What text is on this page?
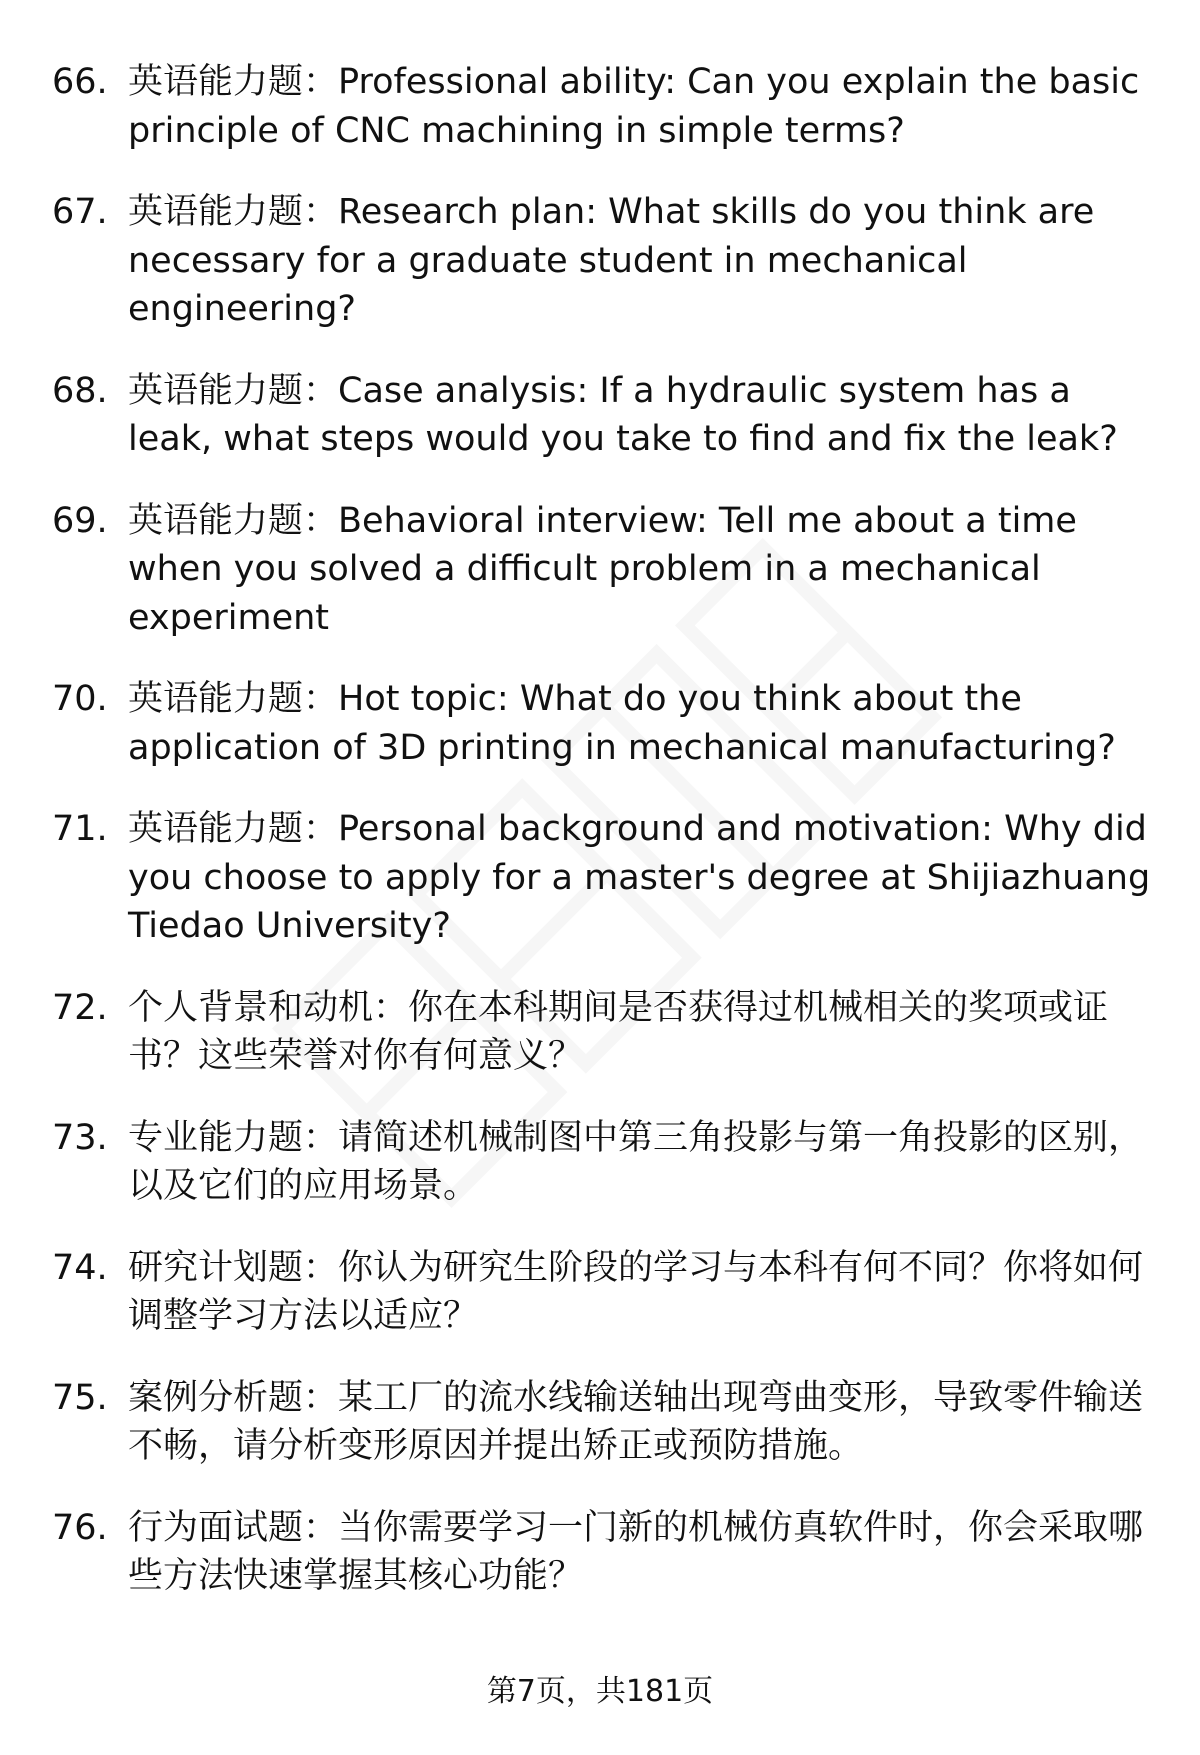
66. 英语能力题：Professional ability: Can you explain the basic principle of CNC machining in simple terms?
67. 英语能力题：Research plan: What skills do you think are necessary for a graduate student in mechanical engineering?
68. 英语能力题：Case analysis: If a hydraulic system has a leak, what steps would you take to find and fix the leak?
69. 英语能力题：Behavioral interview: Tell me about a time when you solved a difficult problem in a mechanical experiment
70. 英语能力题：Hot topic: What do you think about the application of 3D printing in mechanical manufacturing?
71. 英语能力题：Personal background and motivation: Why did you choose to apply for a master's degree at Shijiazhuang Tiedao University?
72. 个人背景和动机：你在本科期间是否获得过机械相关的奖项或证书？这些荣誉对你有何意义？
73. 专业能力题：请简述机械制图中第三角投影与第一角投影的区别，以及它们的应用场景。
74. 研究计划题：你认为研究生阶段的学习与本科有何不同？你将如何调整学习方法以适应？
75. 案例分析题：某工厂的流水线输送轴出现弯曲变形，导致零件输送不畅，请分析变形原因并提出矫正或预防措施。
76. 行为面试题：当你需要学习一门新的机械仿真软件时，你会采取哪些方法快速掌握其核心功能？
第7页，共181页
